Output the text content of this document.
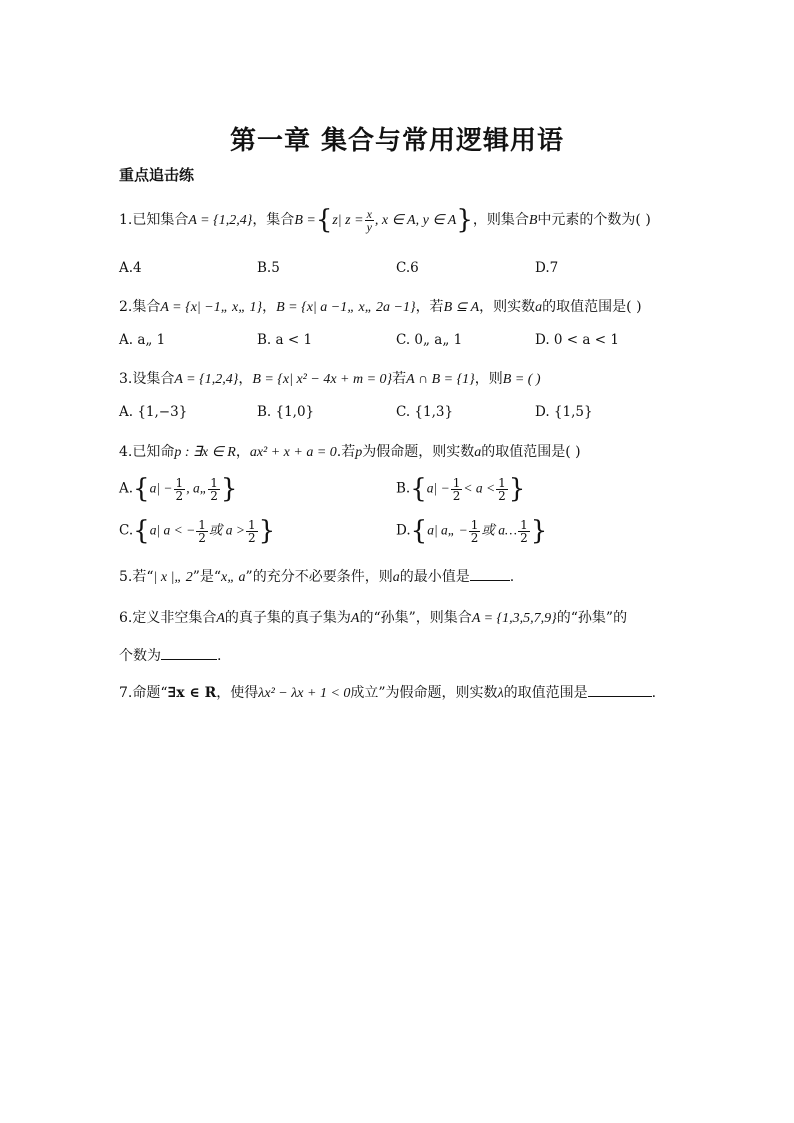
第一章 集合与常用逻辑用语
重点追击练
1.已知集合A = {1,2,4}，集合B ={z| $z = \frac{x}{y}$ , x ∈ A, y ∈ A}，则集合B中元素的个数为( )
A.4	B.5	C.6	D.7
2.集合A = {x| −1„ x„ 1}，B = {x| a −1„ x„ 2a −1}，若B ⊆ A，则实数a的取值范围是( )
A. a„ 1	B. a < 1	C. 0„ a„ 1	D. 0 < a < 1
3.设集合A = {1,2,4}，B = {x| x² − 4x + m = 0}若A ∩ B = {1}，则B = ( )
A. {1,−3}	B. {1,0}	C. {1,3}	D. {1,5}
4.已知命p : ∃x ∈ R，ax² + x + a = 0.若p为假命题，则实数a的取值范围是( )
$A.\{a| - \frac{1}{2}$ , a„ $\frac{1}{2}$ }	$B.\{a| - \frac{1}{2} < a < \frac{1}{2}$ }
C.{a| a < − $\frac{1}{2}$ 或 $a > \frac{1}{2}$ }	D.{a| a„ − $\frac{1}{2}$ 或 a… $\frac{1}{2}$ }
5.若“| x |„ 2”是“x„ a”的充分不必要条件，则a的最小值是	.
6.定义非空集合A的真子集的真子集为A的“孙集”，则集合A = {1,3,5,7,9}的“孙集”的
个数为	.
7.命题“∃x ∈ R，使得λx² − λx + 1 < 0成立”为假命题，则实数λ的取值范围是	.
